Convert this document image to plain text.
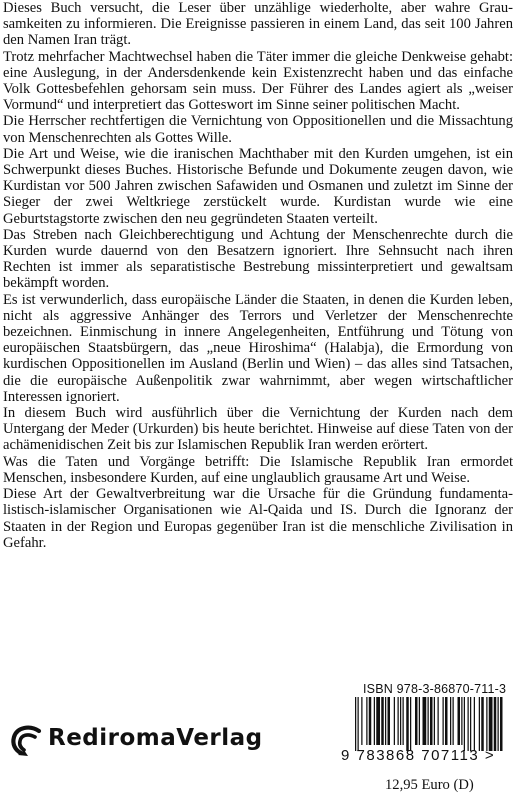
Dieses Buch versucht, die Leser über unzählige wiederholte, aber wahre Grausamkeiten zu informieren. Die Ereignisse passieren in einem Land, das seit 100 Jahren den Namen Iran trägt.

Trotz mehrfacher Machtwechsel haben die Täter immer die gleiche Denkweise gehabt: eine Auslegung, in der Andersdenkende kein Existenzrecht haben und das einfache Volk Gottesbefehlen gehorsam sein muss. Der Führer des Landes agiert als „weiser Vormund“ und interpretiert das Gotteswort im Sinne seiner politischen Macht.

Die Herrscher rechtfertigen die Vernichtung von Oppositionellen und die Missachtung von Menschenrechten als Gottes Wille.

Die Art und Weise, wie die iranischen Machthaber mit den Kurden umgehen, ist ein Schwerpunkt dieses Buches. Historische Befunde und Dokumente zeugen davon, wie Kurdistan vor 500 Jahren zwischen Safawiden und Osmanen und zuletzt im Sinne der Sieger der zwei Weltkriege zerstückelt wurde. Kurdistan wurde wie eine Geburtstagstorte zwischen den neu gegründeten Staaten verteilt.

Das Streben nach Gleichberechtigung und Achtung der Menschenrechte durch die Kurden wurde dauernd von den Besatzern ignoriert. Ihre Sehnsucht nach ihren Rechten ist immer als separatistische Bestrebung missinterpretiert und gewaltsam bekämpft worden.

Es ist verwunderlich, dass europäische Länder die Staaten, in denen die Kurden leben, nicht als aggressive Anhänger des Terrors und Verletzer der Menschenrechte bezeichnen. Einmischung in innere Angelegenheiten, Entführung und Tötung von europäischen Staatsbürgern, das „neue Hiroshima“ (Halabja), die Ermordung von kurdischen Oppositionellen im Ausland (Berlin und Wien) – das alles sind Tatsachen, die die europäische Außenpolitik zwar wahrnimmt, aber wegen wirtschaftlicher Interessen ignoriert.

In diesem Buch wird ausführlich über die Vernichtung der Kurden nach dem Untergang der Meder (Urkurden) bis heute berichtet. Hinweise auf diese Taten von der achämenidischen Zeit bis zur Islamischen Republik Iran werden erörtert.

Was die Taten und Vorgänge betrifft: Die Islamische Republik Iran ermordet Menschen, insbesondere Kurden, auf eine unglaublich grausame Art und Weise.

Diese Art der Gewaltverbreitung war die Ursache für die Gründung fundamentalistisch-islamischer Organisationen wie Al-Qaida und IS. Durch die Ignoranz der Staaten in der Region und Europas gegenüber Iran ist die menschliche Zivilisation in Gefahr.

RediromaVerlag
ISBN 978-3-86870-711-3
9 783868 707113 >
12,95 Euro (D)
